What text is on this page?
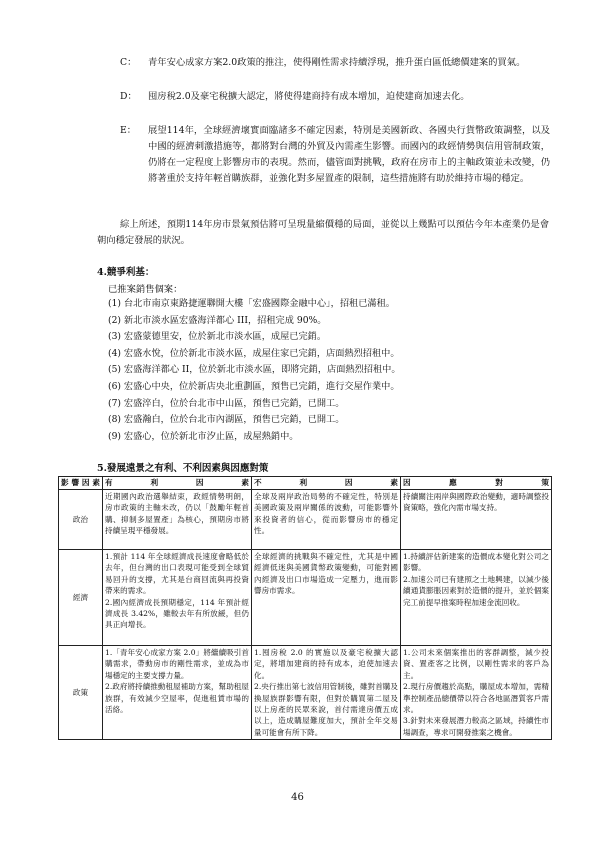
C：	青年安心成家方案2.0政策的推注，使得剛性需求持續浮現，推升蛋白區低總價建案的買氣。
D：	囤房稅2.0及豪宅稅擴大認定，將使得建商持有成本增加，迫使建商加速去化。
E：	展望114年，全球經濟壞實面臨諸多不確定因素，特別是美國新政、各國央行貨幣政策調整，以及中國的經濟刺激措施等，都將對台灣的外貿及內需產生影響。而國內的政經情勢與信用管制政策，仍將在一定程度上影響房市的表現。然而，儘管面對挑戰，政府在房市上的主軸政策並未改變，仍將著重於支持年輕首購族群，並強化對多屋置產的限制，這些措施將有助於維持市場的穩定。

綜上所述，預期114年房市景氣預估將可呈現量縮價穩的局面，並從以上幾點可以預估今年本產業仍是會朝向穩定發展的狀況。

4.競爭利基：
已推案銷售個案：
(1) 台北市南京東路捷運聯開大樓「宏盛國際金融中心」，招租已滿租。
(2) 新北市淡水區宏盛海洋都心 III，招租完成 90%。
(3) 宏盛蒙德里安，位於新北市淡水區，成屋已完銷。
(4) 宏盛水悅，位於新北市淡水區，成屋住家已完銷，店面熱烈招租中。
(5) 宏盛海洋都心 II，位於新北市淡水區，即將完銷，店面熱烈招租中。
(6) 宏盛心中央，位於新店央北重劃區，預售已完銷，進行交屋作業中。
(7) 宏盛淬白，位於台北市中山區，預售已完銷，已開工。
(8) 宏盛瀚白，位於台北市內湖區，預售已完銷，已開工。
(9) 宏盛心，位於新北市汐止區，成屋熱銷中。
5.發展遠景之有利、不利因素與因應對策
影響因素	有利因素	不利因素	因應對策
政治	近期國內政治選舉結束，政經情勢明朗，房市政策的主軸未改，仍以「鼓勵年輕首購、抑制多屋置產」為核心，預期房市將持續呈現平穩發展。	全球及兩岸政治局勢的不確定性，特別是美國政策及兩岸關係的波動，可能影響外來投資者的信心，從而影響房市的穩定性。	持續關注兩岸與國際政治變動，適時調整投資策略，強化內需市場支持。
經濟	1.預計 114 年全球經濟成長速度會略低於去年，但台灣的出口表現可能受到全球貿易回升的支撐，尤其是台商回流與再投資帶來的需求。
2.國內經濟成長預期穩定，114 年預計經濟成長 3.42%，雖較去年有所放緩，但仍具正向增長。	全球經濟的挑戰與不確定性，尤其是中國經濟低迷與美國貨幣政策變動，可能對國內經濟及出口市場造成一定壓力，進而影響房市需求。	1.持續評估新建案的造價成本變化對公司之影響。
2.加速公司已有建照之土地興建，以減少後續通貨膨脹因素對於造價的提升，並於個案完工前提早推案時程加速金流回收。
政策	1.「青年安心成家方案 2.0」將繼續吸引首購需求，帶動房市的剛性需求，並成為市場穩定的主要支撐力量。
2.政府將持續推動租屋補助方案，幫助租屋族群，有效減少空屋率，促進租賃市場的活絡。	1.囤房稅 2.0 的實施以及豪宅稅擴大認定，將增加建商的持有成本，迫使加速去化。
2.央行推出第七波信用管制後，雖對首購及換屋族群影響有限，但對於購買第二屋及以上房產的民眾來說，首付需達房價五成以上，造成購屋難度加大，預計全年交易量可能會有所下降。	1.公司未來個案推出的客群調整，減少投資、置產客之比例，以剛性需求的客戶為主。
2.現行房價趨於高點，購屋成本增加，需精準控制產品總價帶以符合各地區潛質客戶需求。
3.針對未來發展潛力較高之區域，持續性市場調查，專求可開發推案之機會。
46
